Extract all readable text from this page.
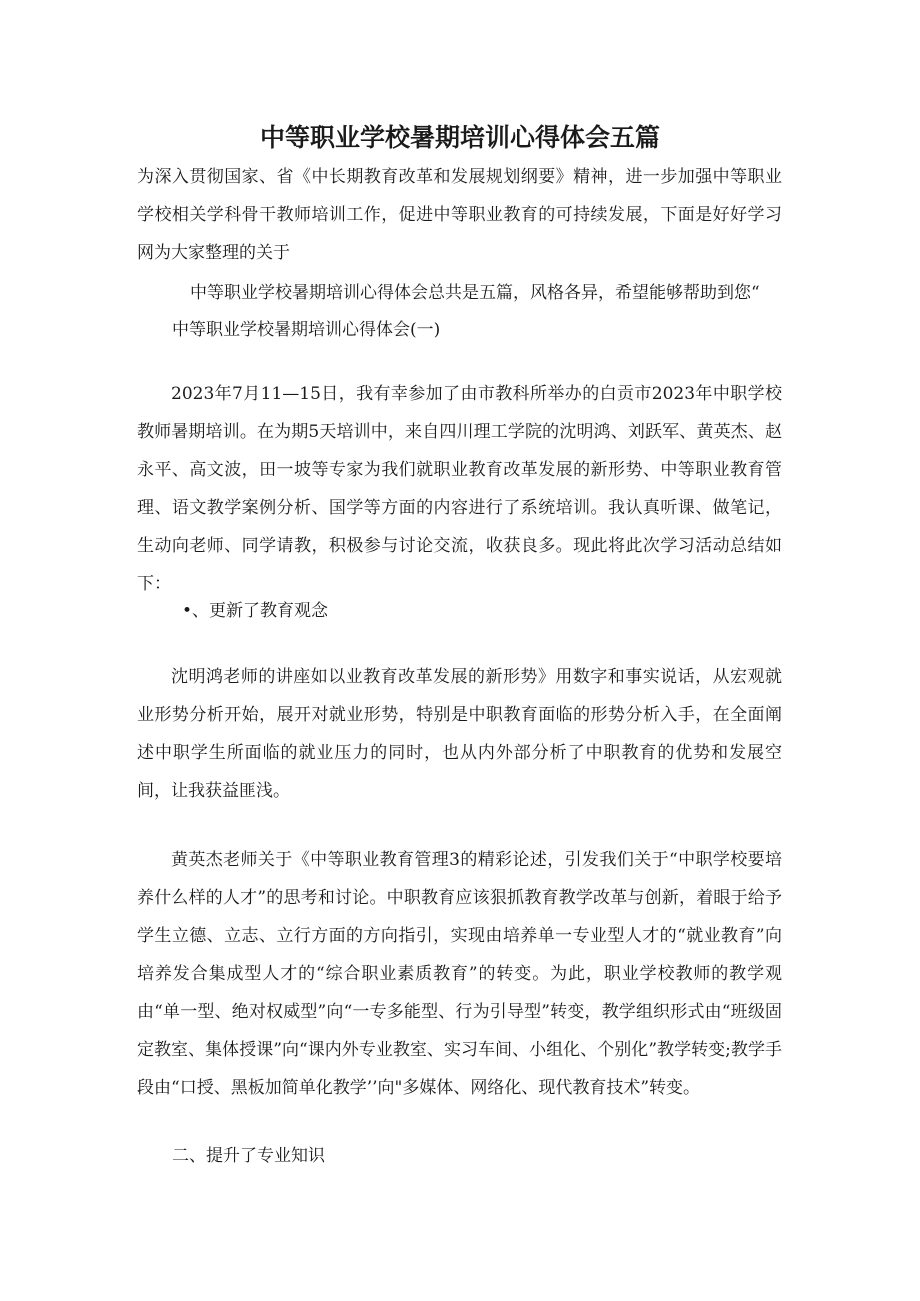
中等职业学校暑期培训心得体会五篇
为深入贯彻国家、省《中长期教育改革和发展规划纲要》精神，进一步加强中等职业学校相关学科骨干教师培训工作，促进中等职业教育的可持续发展，下面是好好学习网为大家整理的关于
中等职业学校暑期培训心得体会总共是五篇，风格各异，希望能够帮助到您“
中等职业学校暑期培训心得体会(一)
2023年7月11—15日，我有幸参加了由市教科所举办的白贡市2023年中职学校教师暑期培训。在为期5天培训中，来自四川理工学院的沈明鸿、刘跃军、黄英杰、赵永平、高文波，田一坡等专家为我们就职业教育改革发展的新形势、中等职业教育管理、语文教学案例分析、国学等方面的内容进行了系统培训。我认真听课、做笔记，生动向老师、同学请教，积极参与讨论交流，收获良多。现此将此次学习活动总结如下：
•、更新了教育观念
沈明鸿老师的讲座如以业教育改革发展的新形势》用数字和事实说话，从宏观就业形势分析开始，展开对就业形势，特别是中职教育面临的形势分析入手，在全面阐述中职学生所面临的就业压力的同时，也从内外部分析了中职教育的优势和发展空间，让我获益匪浅。
黄英杰老师关于《中等职业教育管理3的精彩论述，引发我们关于“中职学校要培养什么样的人才”的思考和讨论。中职教育应该狠抓教育教学改革与创新，着眼于给予学生立德、立志、立行方面的方向指引，实现由培养单一专业型人才的“就业教育”向培养发合集成型人才的“综合职业素质教育”的转变。为此，职业学校教师的教学观由“单一型、绝对权威型”向“一专多能型、行为引导型”转变，教学组织形式由“班级固定教室、集体授课”向“课内外专业教室、实习车间、小组化、个别化”教学转变;教学手段由“口授、黑板加简单化教学’’向"多媒体、网络化、现代教育技术”转变。
二、提升了专业知识
